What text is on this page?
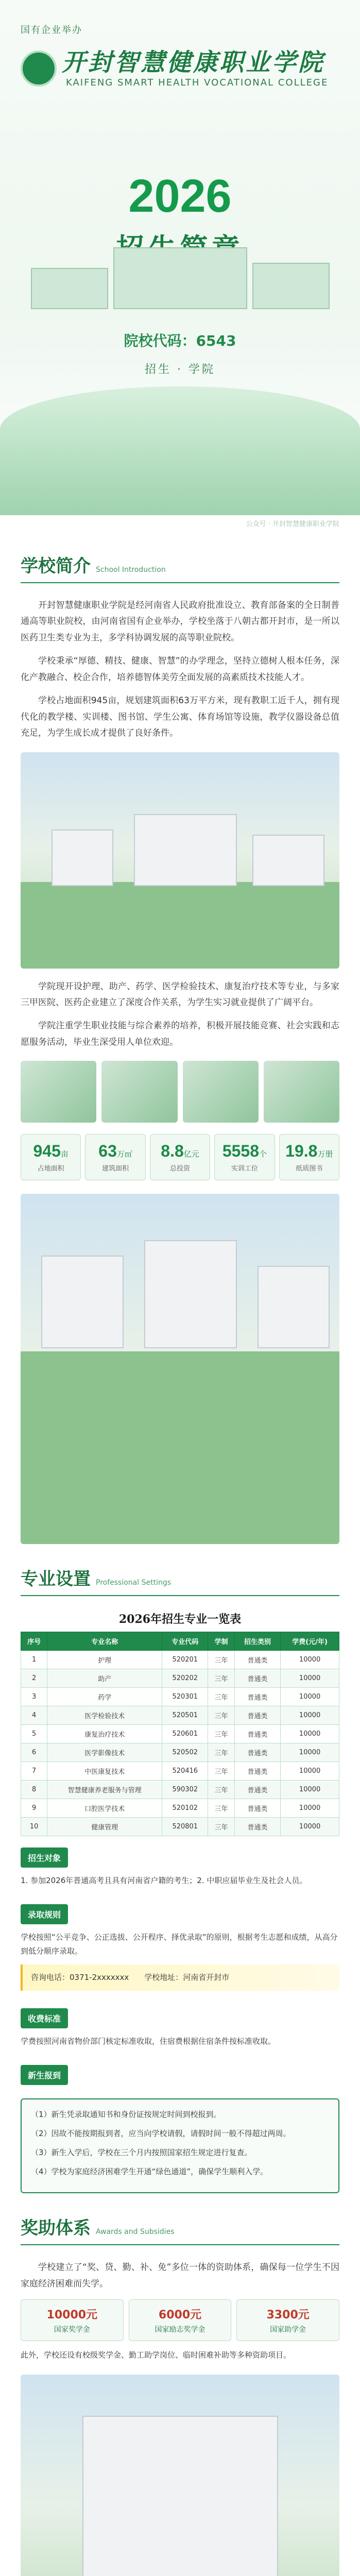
国有企业举办
开封智慧健康职业学院
KAIFENG SMART HEALTH VOCATIONAL COLLEGE
2026
院校代码：6543
招生 · 学院
公众号 · 开封智慧健康职业学院
学校简介 School Introduction

开封智慧健康职业学院是经河南省人民政府批准设立、教育部备案的全日制普通高等职业院校，由河南省国有企业举办，学校坐落于八朝古都开封市，是一所以医药卫生类专业为主，多学科协调发展的高等职业院校。

学校秉承“厚德、精技、健康、智慧”的办学理念，坚持立德树人根本任务，深化产教融合、校企合作，培养德智体美劳全面发展的高素质技术技能人才。

学校占地面积945亩，规划建筑面积63万平方米，现有教职工近千人，拥有现代化的教学楼、实训楼、图书馆、学生公寓、体育场馆等设施，教学仪器设备总值充足，为学生成长成才提供了良好条件。

学院现开设护理、助产、药学、医学检验技术、康复治疗技术等专业，与多家三甲医院、医药企业建立了深度合作关系，为学生实习就业提供了广阔平台。

学院注重学生职业技能与综合素养的培养，积极开展技能竞赛、社会实践和志愿服务活动，毕业生深受用人单位欢迎。

945亩
占地面积
63万㎡
建筑面积
8.8亿元
总投资
5558个
实训工位
19.8万册
纸质图书
专业设置 Professional Settings
2026年招生专业一览表
序号	专业名称	专业代码	学制	招生类别	学费(元/年)
1	护理	520201	三年	普通类	10000
2	助产	520202	三年	普通类	10000
3	药学	520301	三年	普通类	10000
4	医学检验技术	520501	三年	普通类	10000
5	康复治疗技术	520601	三年	普通类	10000
6	医学影像技术	520502	三年	普通类	10000
7	中医康复技术	520416	三年	普通类	10000
8	智慧健康养老服务与管理	590302	三年	普通类	10000
9	口腔医学技术	520102	三年	普通类	10000
10	健康管理	520801	三年	普通类	10000
招生对象

1. 参加2026年普通高考且具有河南省户籍的考生；2. 中职应届毕业生及社会人员。

录取规则

学校按照“公平竞争、公正选拔、公开程序、择优录取”的原则，根据考生志愿和成绩，从高分到低分顺序录取。

咨询电话：0371-2xxxxxxx　　学校地址：河南省开封市
收费标准

学费按照河南省物价部门核定标准收取，住宿费根据住宿条件按标准收取。

新生报到

（1）新生凭录取通知书和身份证按规定时间到校报到。

（2）因故不能按期报到者，应当向学校请假，请假时间一般不得超过两周。

（3）新生入学后，学校在三个月内按照国家招生规定进行复查。

（4）学校为家庭经济困难学生开通“绿色通道”，确保学生顺利入学。

奖助体系 Awards and Subsidies

学校建立了“奖、贷、勤、补、免”多位一体的资助体系，确保每一位学生不因家庭经济困难而失学。

10000元
国家奖学金
6000元
国家励志奖学金
3300元
国家助学金

此外，学校还设有校级奖学金、勤工助学岗位、临时困难补助等多种资助项目。
